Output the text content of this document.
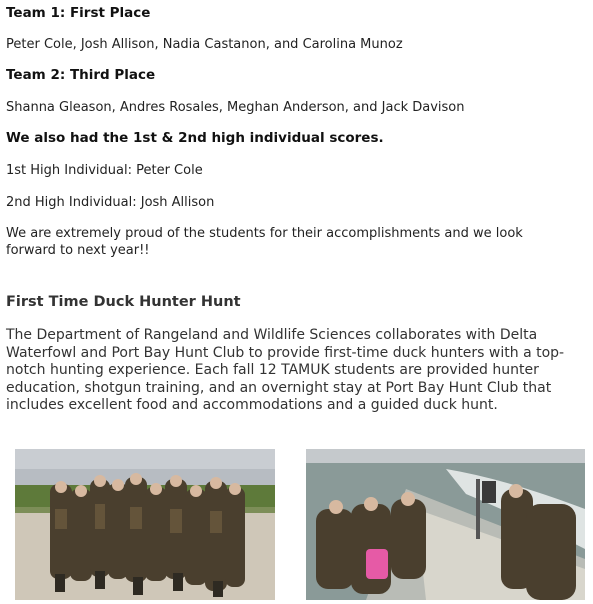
Team 1: First Place
Peter Cole, Josh Allison, Nadia Castanon, and Carolina Munoz
Team 2: Third Place
Shanna Gleason, Andres Rosales, Meghan Anderson, and Jack Davison
We also had the 1st & 2nd high individual scores.
1st High Individual: Peter Cole
2nd High Individual: Josh Allison
We are extremely proud of the students for their accomplishments and we look forward to next year!!
First Time Duck Hunter Hunt
The Department of Rangeland and Wildlife Sciences collaborates with Delta Waterfowl and Port Bay Hunt Club to provide first-time duck hunters with a top-notch hunting experience. Each fall 12 TAMUK students are provided hunter education, shotgun training, and an overnight stay at Port Bay Hunt Club that includes excellent food and accommodations and a guided duck hunt.
